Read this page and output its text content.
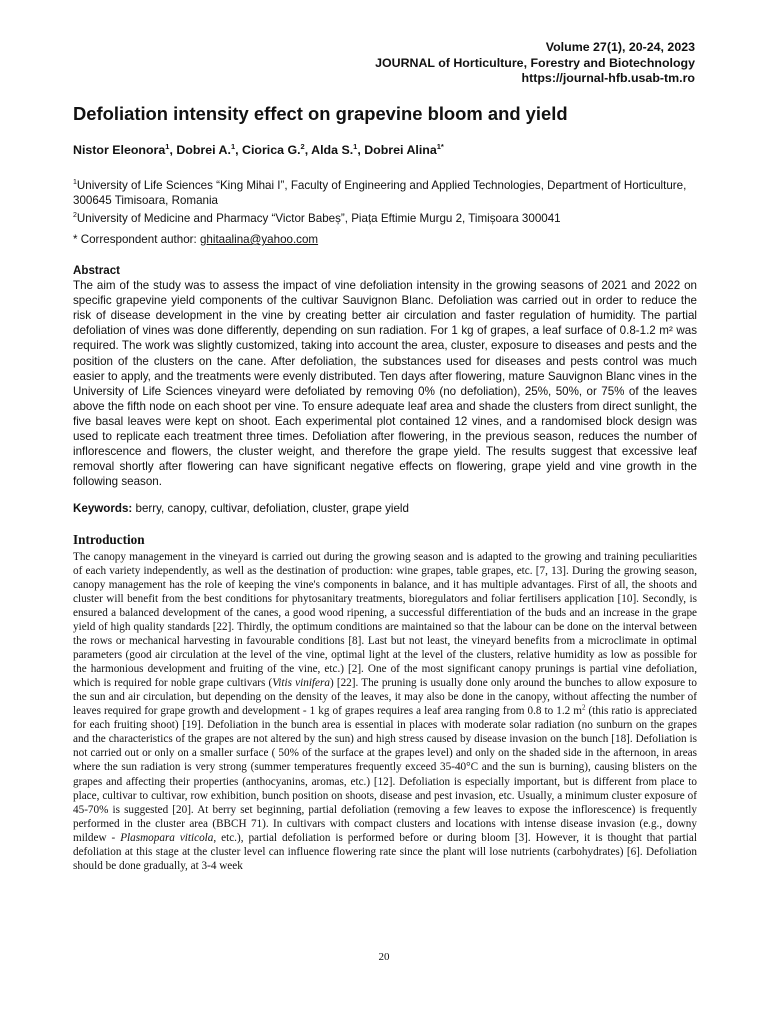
Volume 27(1), 20-24, 2023
JOURNAL of Horticulture, Forestry and Biotechnology
https://journal-hfb.usab-tm.ro
Defoliation intensity effect on grapevine bloom and yield
Nistor Eleonora$^1$, Dobrei A.$^1$, Ciorica G.$^2$, Alda S.$^1$, Dobrei Alina$^{1*}$
$^1$University of Life Sciences “King Mihai I”, Faculty of Engineering and Applied Technologies, Department of Horticulture, 300645 Timisoara, Romania
$^2$University of Medicine and Pharmacy “Victor Babeș”, Piața Eftimie Murgu 2, Timișoara 300041
* Correspondent author: ghitaalina@yahoo.com
Abstract

The aim of the study was to assess the impact of vine defoliation intensity in the growing seasons of 2021 and 2022 on specific grapevine yield components of the cultivar Sauvignon Blanc. Defoliation was carried out in order to reduce the risk of disease development in the vine by creating better air circulation and faster regulation of humidity. The partial defoliation of vines was done differently, depending on sun radiation. For 1 kg of grapes, a leaf surface of 0.8-1.2 m² was required. The work was slightly customized, taking into account the area, cluster, exposure to diseases and pests and the position of the clusters on the cane. After defoliation, the substances used for diseases and pests control was much easier to apply, and the treatments were evenly distributed. Ten days after flowering, mature Sauvignon Blanc vines in the University of Life Sciences vineyard were defoliated by removing 0% (no defoliation), 25%, 50%, or 75% of the leaves above the fifth node on each shoot per vine. To ensure adequate leaf area and shade the clusters from direct sunlight, the five basal leaves were kept on shoot. Each experimental plot contained 12 vines, and a randomised block design was used to replicate each treatment three times. Defoliation after flowering, in the previous season, reduces the number of inflorescence and flowers, the cluster weight, and therefore the grape yield. The results suggest that excessive leaf removal shortly after flowering can have significant negative effects on flowering, grape yield and vine growth in the following season.

Keywords: berry, canopy, cultivar, defoliation, cluster, grape yield
Introduction

The canopy management in the vineyard is carried out during the growing season and is adapted to the growing and training peculiarities of each variety independently, as well as the destination of production: wine grapes, table grapes, etc. [7, 13]. During the growing season, canopy management has the role of keeping the vine's components in balance, and it has multiple advantages. First of all, the shoots and cluster will benefit from the best conditions for phytosanitary treatments, bioregulators and foliar fertilisers application [10]. Secondly, is ensured a balanced development of the canes, a good wood ripening, a successful differentiation of the buds and an increase in the grape yield of high quality standards [22]. Thirdly, the optimum conditions are maintained so that the labour can be done on the interval between the rows or mechanical harvesting in favourable conditions [8]. Last but not least, the vineyard benefits from a microclimate in optimal parameters (good air circulation at the level of the vine, optimal light at the level of the clusters, relative humidity as low as possible for the harmonious development and fruiting of the vine, etc.) [2]. One of the most significant canopy prunings is partial vine defoliation, which is required for noble grape cultivars (Vitis vinifera) [22]. The pruning is usually done only around the bunches to allow exposure to the sun and air circulation, but depending on the density of the leaves, it may also be done in the canopy, without affecting the number of leaves required for grape growth and development - 1 kg of grapes requires a leaf area ranging from 0.8 to 1.2 $m^2$ (this ratio is appreciated for each fruiting shoot) [19]. Defoliation in the bunch area is essential in places with moderate solar radiation (no sunburn on the grapes and the characteristics of the grapes are not altered by the sun) and high stress caused by disease invasion on the bunch [18]. Defoliation is not carried out or only on a smaller surface ( 50% of the surface at the grapes level) and only on the shaded side in the afternoon, in areas where the sun radiation is very strong (summer temperatures frequently exceed 35-40°C and the sun is burning), causing blisters on the grapes and affecting their properties (anthocyanins, aromas, etc.) [12]. Defoliation is especially important, but is different from place to place, cultivar to cultivar, row exhibition, bunch position on shoots, disease and pest invasion, etc. Usually, a minimum cluster exposure of 45-70% is suggested [20]. At berry set beginning, partial defoliation (removing a few leaves to expose the inflorescence) is frequently performed in the cluster area (BBCH 71). In cultivars with compact clusters and locations with intense disease invasion (e.g., downy mildew - Plasmopara viticola, etc.), partial defoliation is performed before or during bloom [3]. However, it is thought that partial defoliation at this stage at the cluster level can influence flowering rate since the plant will lose nutrients (carbohydrates) [6]. Defoliation should be done gradually, at 3-4 week

20
